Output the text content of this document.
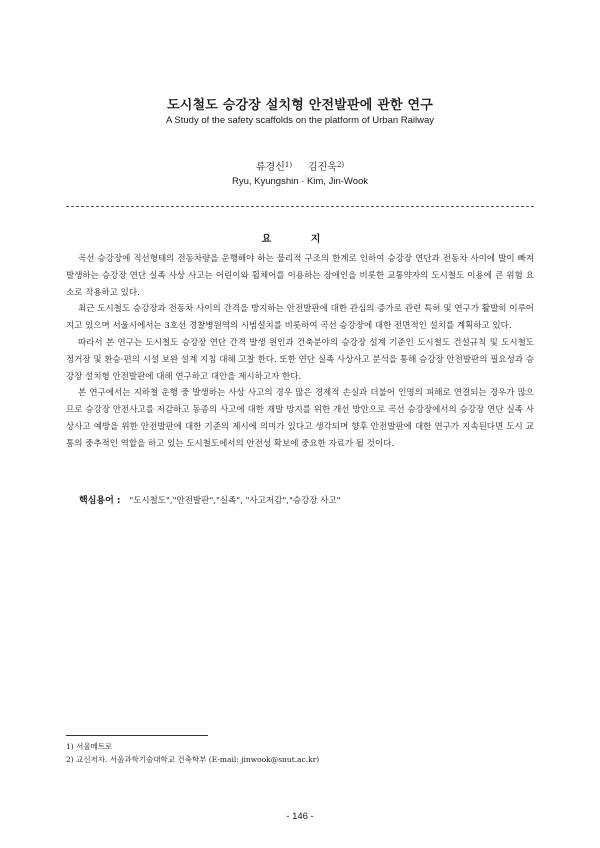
도시철도 승강장 설치형 안전발판에 관한 연구
A Study of the safety scaffolds on the platform of Urban Railway
류경신$^{1)}$ 김진욱$^{2)}$
Ryu, Kyungshin · Kim, Jin-Wook
요 지

곡선 승강장에 직선형태의 전동차량을 운행해야 하는 물리적 구조의 한계로 인하여 승강장 연단과 전동차 사이에 발이 빠져 발생하는 승강장 연단 실족 사상 사고는 어린이와 휠체어를 이용하는 장애인을 비롯한 교통약자의 도시철도 이용에 큰 위험 요소로 작용하고 있다.

최근 도시철도 승강장과 전동차 사이의 간격을 방지하는 안전발판에 대한 관심의 증가로 관련 특허 및 연구가 활발히 이루어지고 있으며 서울시에서는 3호선 경찰병원역의 시범설치를 비롯하여 곡선 승강장에 대한 전면적인 설치를 계획하고 있다.

따라서 본 연구는 도시철도 승강장 연단 간격 발생 원인과 건축분야의 승강장 설계 기준인 도시철도 건설규칙 및 도시철도 정거장 및 환승·편의 시설 보완 설계 지침 대해 고찰 한다. 또한 연단 실족 사상사고 분석을 통해 승강장 안전발판의 필요성과 승강장 설치형 안전발판에 대해 연구하고 대안을 제시하고자 한다.

본 연구에서는 지하철 운행 중 발생하는 사상 사고의 경우 많은 경제적 손실과 더불어 인명의 피해로 연결되는 경우가 많으므로 승강장 안전사고를 저감하고 동종의 사고에 대한 재발 방지를 위한 개선 방안으로 곡선 승강장에서의 승강장 연단 실족 사상사고 예방을 위한 안전발판에 대한 기준의 제시에 의미가 있다고 생각되며 향후 안전발판에 대한 연구가 지속된다면 도시 교통의 중추적인 역할을 하고 있는 도시철도에서의 안전성 확보에 중요한 자료가 될 것이다.

핵심용어 : "도시철도","안전발판","실족", "사고저감","승강장 사고"
1) 서울메트로
2) 교신저자. 서울과학기술대학교 건축학부 (E-mail: jinwook@snut.ac.kr)
- 146 -
